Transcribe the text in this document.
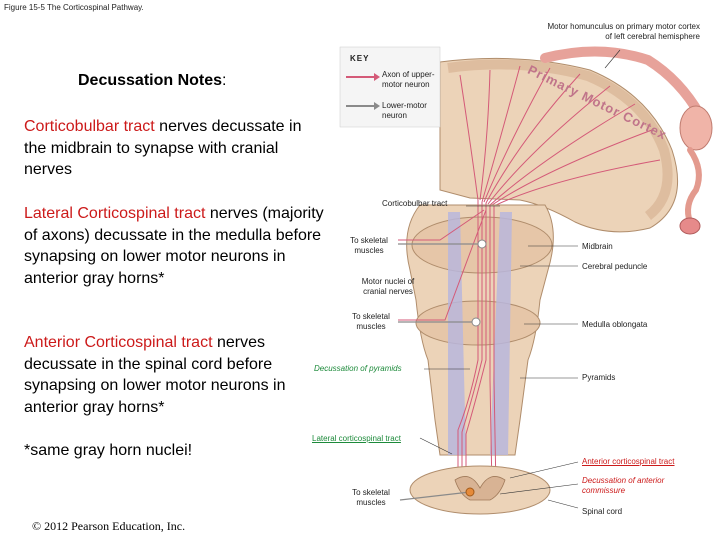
Figure 15-5 The Corticospinal Pathway.
Decussation Notes:
Corticobulbar tract nerves decussate in the midbrain to synapse with cranial nerves
Lateral Corticospinal tract nerves (majority of axons) decussate in the medulla before synapsing on lower motor neurons in anterior gray horns*
Anterior Corticospinal tract nerves decussate in the spinal cord before synapsing on lower motor neurons in anterior gray horns*
*same gray horn nuclei!
© 2012 Pearson Education, Inc.
KEY
Axon of upper- motor neuron
Lower-motor neuron
Motor homunculus on primary motor cortex of left cerebral hemisphere
Primary Motor Cortex
Corticobulbar tract
To skeletal muscles	Midbrain
Cerebral peduncle
Motor nuclei of cranial nerves
To skeletal muscles	Medulla oblongata
Decussation of pyramids
Pyramids
Lateral corticospinal tract
Anterior corticospinal tract
Decussation of anterior commissure
To skeletal muscles
Spinal cord
